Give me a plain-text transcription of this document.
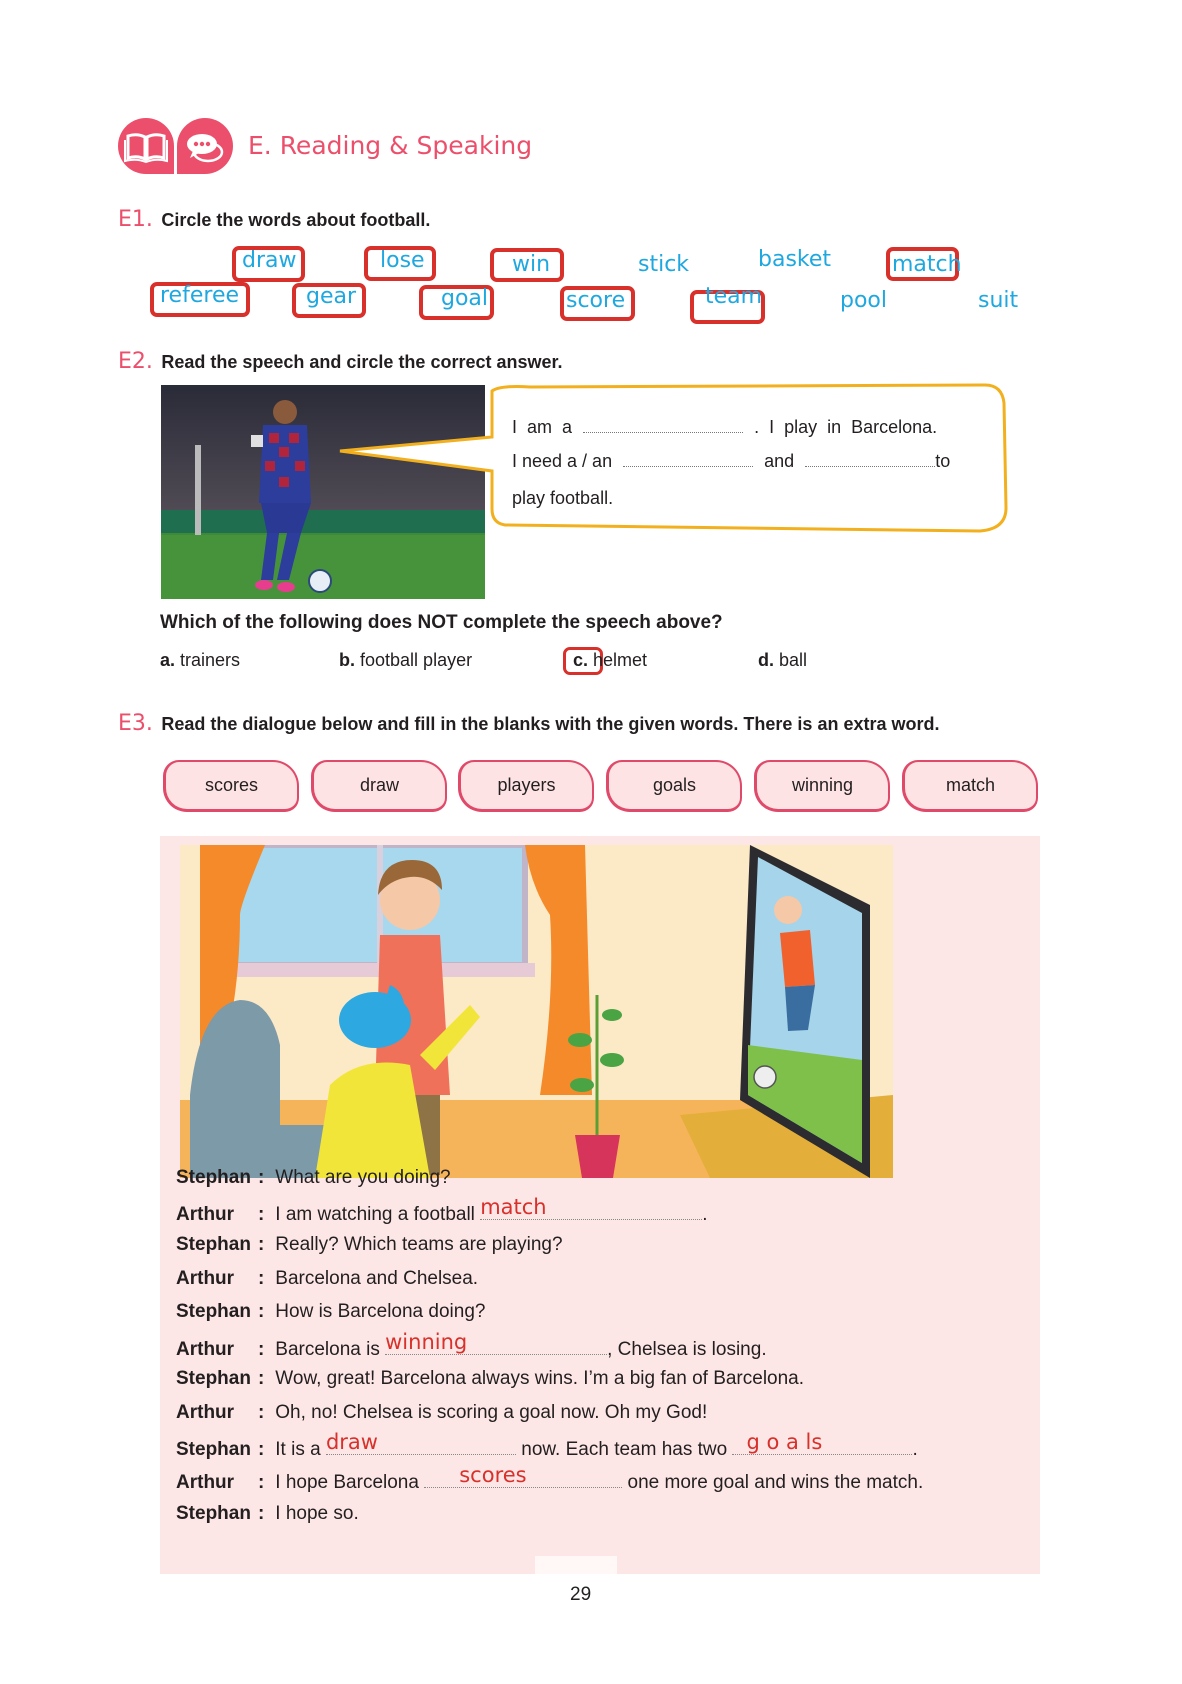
E. Reading & Speaking
E1. Circle the words about football.
draw	lose	win	stick	basket	match
referee	gear	goal	score	team	pool	suit
E2. Read the speech and circle the correct answer.
I  am  a	.  I  play  in  Barcelona.
I need a / an	and	to
play football.
Which of the following does NOT complete the speech above?
a. trainers	b. football player	c. helmet	d. ball
E3. Read the dialogue below and fill in the blanks with the given words. There is an extra word.
scores	draw	players	goals	winning	match
Stephan : What are you doing?
Arthur : I am watching a football match	.
Stephan : Really? Which teams are playing?
Arthur : Barcelona and Chelsea.
Stephan : How is Barcelona doing?
Arthur : Barcelona is winning	, Chelsea is losing.
Stephan : Wow, great! Barcelona always wins. I’m a big fan of Barcelona.
Arthur : Oh, no! Chelsea is scoring a goal now. Oh my God!
Stephan : It is a draw	now. Each team has two g o a ls	.
Arthur : I hope Barcelona scores	one more goal and wins the match.
Stephan : I hope so.
29
